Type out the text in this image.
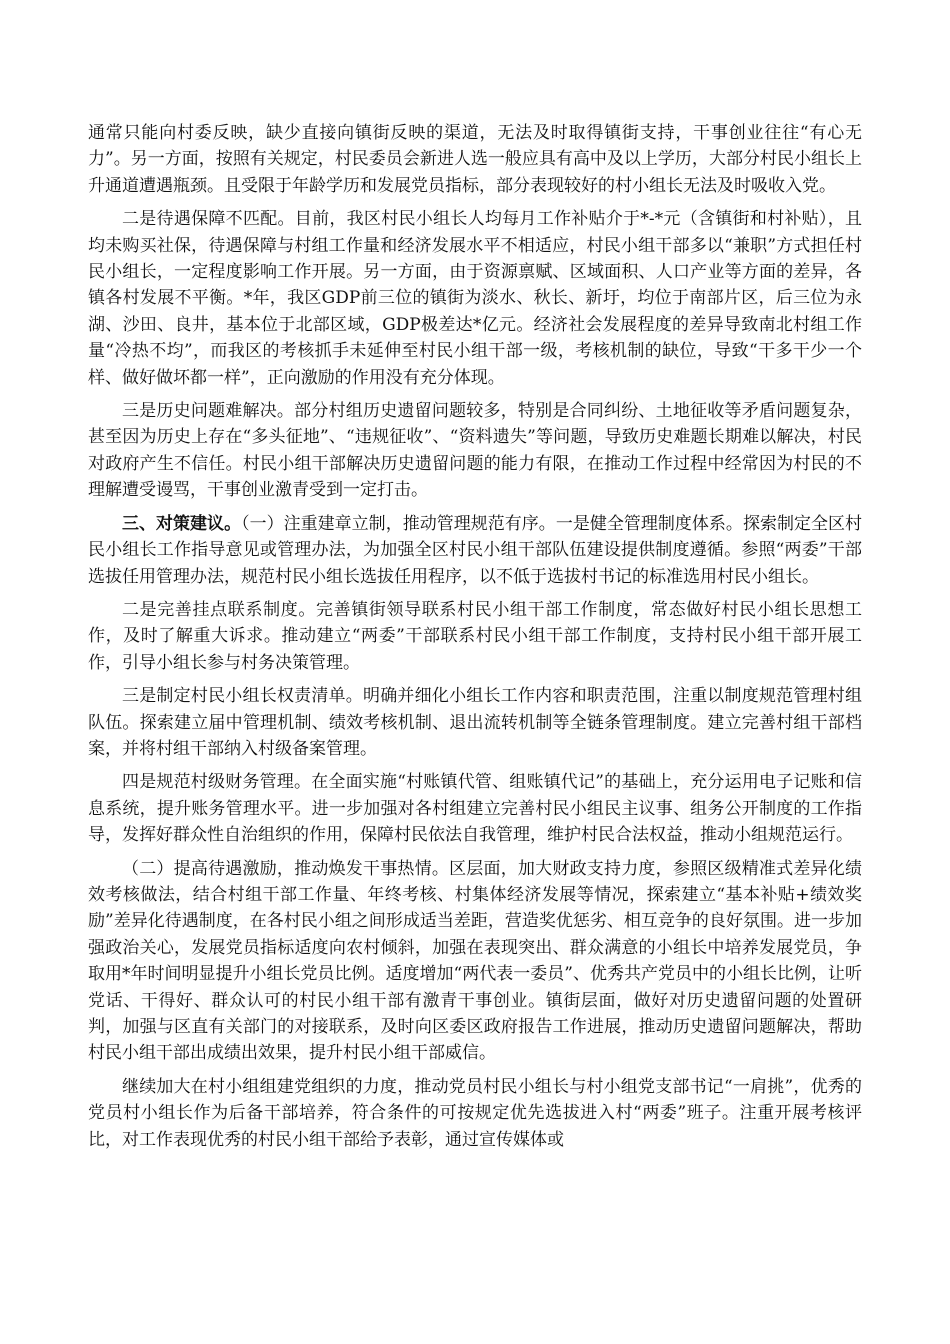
通常只能向村委反映，缺少直接向镇街反映的渠道，无法及时取得镇街支持，干事创业往往“有心无力”。另一方面，按照有关规定，村民委员会新进人选一般应具有高中及以上学历，大部分村民小组长上升通道遭遇瓶颈。且受限于年龄学历和发展党员指标，部分表现较好的村小组长无法及时吸收入党。

二是待遇保障不匹配。目前，我区村民小组长人均每月工作补贴介于*-*元（含镇街和村补贴），且均未购买社保，待遇保障与村组工作量和经济发展水平不相适应，村民小组干部多以“兼职”方式担任村民小组长，一定程度影响工作开展。另一方面，由于资源禀赋、区域面积、人口产业等方面的差异，各镇各村发展不平衡。*年，我区GDP前三位的镇街为淡水、秋长、新圩，均位于南部片区，后三位为永湖、沙田、良井，基本位于北部区域，GDP极差达*亿元。经济社会发展程度的差异导致南北村组工作量“冷热不均”，而我区的考核抓手未延伸至村民小组干部一级，考核机制的缺位，导致“干多干少一个样、做好做坏都一样”，正向激励的作用没有充分体现。

三是历史问题难解决。部分村组历史遗留问题较多，特别是合同纠纷、土地征收等矛盾问题复杂，甚至因为历史上存在“多头征地”、“违规征收”、“资料遗失”等问题，导致历史难题长期难以解决，村民对政府产生不信任。村民小组干部解决历史遗留问题的能力有限，在推动工作过程中经常因为村民的不理解遭受谩骂，干事创业激青受到一定打击。

三、对策建议。（一）注重建章立制，推动管理规范有序。一是健全管理制度体系。探索制定全区村民小组长工作指导意见或管理办法，为加强全区村民小组干部队伍建设提供制度遵循。参照“两委”干部选拔任用管理办法，规范村民小组长选拔任用程序，以不低于选拔村书记的标准选用村民小组长。

二是完善挂点联系制度。完善镇街领导联系村民小组干部工作制度，常态做好村民小组长思想工作，及时了解重大诉求。推动建立“两委”干部联系村民小组干部工作制度，支持村民小组干部开展工作，引导小组长参与村务决策管理。

三是制定村民小组长权责清单。明确并细化小组长工作内容和职责范围，注重以制度规范管理村组队伍。探索建立届中管理机制、绩效考核机制、退出流转机制等全链条管理制度。建立完善村组干部档案，并将村组干部纳入村级备案管理。

四是规范村级财务管理。在全面实施“村账镇代管、组账镇代记”的基础上，充分运用电子记账和信息系统，提升账务管理水平。进一步加强对各村组建立完善村民小组民主议事、组务公开制度的工作指导，发挥好群众性自治组织的作用，保障村民依法自我管理，维护村民合法权益，推动小组规范运行。

（二）提高待遇激励，推动焕发干事热情。区层面，加大财政支持力度，参照区级精准式差异化绩效考核做法，结合村组干部工作量、年终考核、村集体经济发展等情况，探索建立“基本补贴+绩效奖励”差异化待遇制度，在各村民小组之间形成适当差距，营造奖优惩劣、相互竞争的良好氛围。进一步加强政治关心，发展党员指标适度向农村倾斜，加强在表现突出、群众满意的小组长中培养发展党员，争取用*年时间明显提升小组长党员比例。适度增加“两代表一委员”、优秀共产党员中的小组长比例，让听党话、干得好、群众认可的村民小组干部有激青干事创业。镇街层面，做好对历史遗留问题的处置研判，加强与区直有关部门的对接联系，及时向区委区政府报告工作进展，推动历史遗留问题解决，帮助村民小组干部出成绩出效果，提升村民小组干部威信。

继续加大在村小组组建党组织的力度，推动党员村民小组长与村小组党支部书记“一肩挑”，优秀的党员村小组长作为后备干部培养，符合条件的可按规定优先选拔进入村“两委”班子。注重开展考核评比，对工作表现优秀的村民小组干部给予表彰，通过宣传媒体或
